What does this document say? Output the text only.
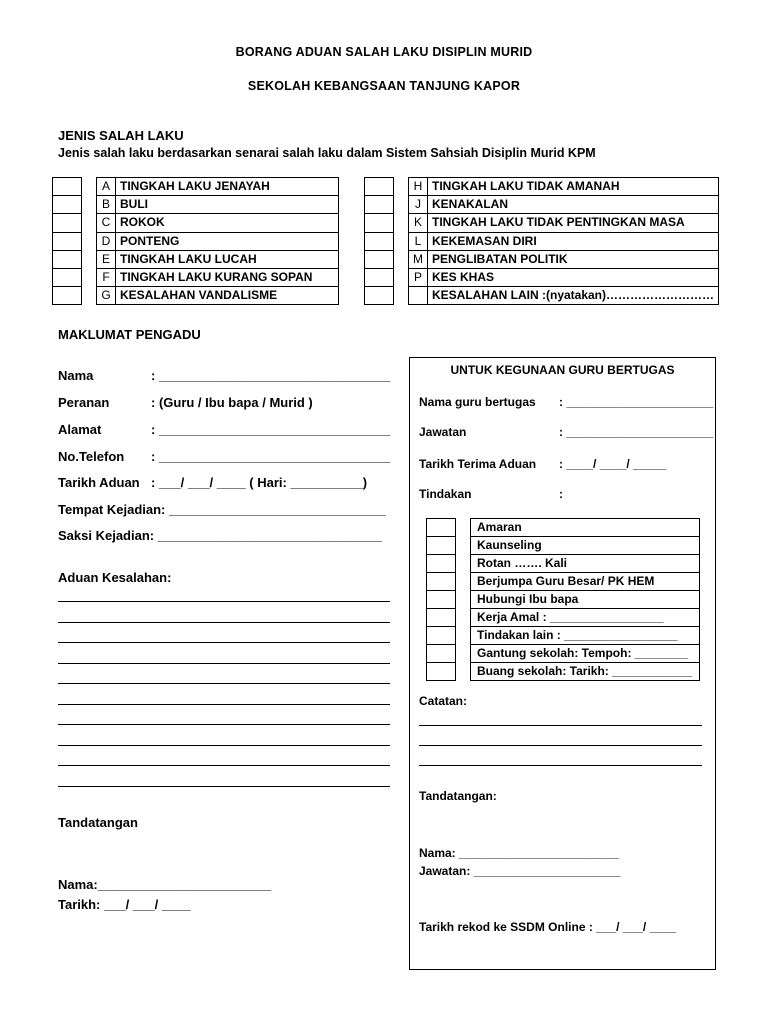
BORANG ADUAN SALAH LAKU DISIPLIN MURID
SEKOLAH KEBANGSAAN TANJUNG KAPOR
JENIS SALAH LAKU
Jenis salah laku berdasarkan senarai salah laku dalam Sistem Sahsiah Disiplin Murid KPM
		A	TINGKAH LAKU JENAYAH
		B	BULI
		C	ROKOK
		D	PONTENG
		E	TINGKAH LAKU LUCAH
		F	TINGKAH LAKU KURANG SOPAN
		G	KESALAHAN VANDALISME
		H	TINGKAH LAKU TIDAK AMANAH
		J	KENAKALAN
		K	TINGKAH LAKU TIDAK PENTINGKAN MASA
		L	KEKEMASAN DIRI
		M	PENGLIBATAN POLITIK
		P	KES KHAS
			KESALAHAN LAIN :(nyatakan)………………………
MAKLUMAT PENGADU
Nama	: ________________________________
Peranan	: (Guru / Ibu bapa / Murid )
Alamat	: ________________________________
No.Telefon : ________________________________
Tarikh Aduan : ___/ ___/ ____ ( Hari: __________)
Tempat Kejadian: ______________________________
Saksi Kejadian: _______________________________
Aduan Kesalahan:
Tandatangan
Nama:________________________
Tarikh: ___/ ___/ ____
UNTUK KEGUNAAN GURU BERTUGAS
Nama guru bertugas : ______________________
Jawatan	: ______________________
Tarikh Terima Aduan : ____/ ____/ _____
Tindakan	:
		Amaran
		Kaunseling
		Rotan ……. Kali
		Berjumpa Guru Besar/ PK HEM
		Hubungi Ibu bapa
		Kerja Amal : _________________
		Tindakan lain : _________________
		Gantung sekolah: Tempoh: ________
		Buang sekolah: Tarikh: ____________
Catatan:
Tandatangan:
Nama: ________________________
Jawatan: ______________________
Tarikh rekod ke SSDM Online : ___/ ___/ ____
